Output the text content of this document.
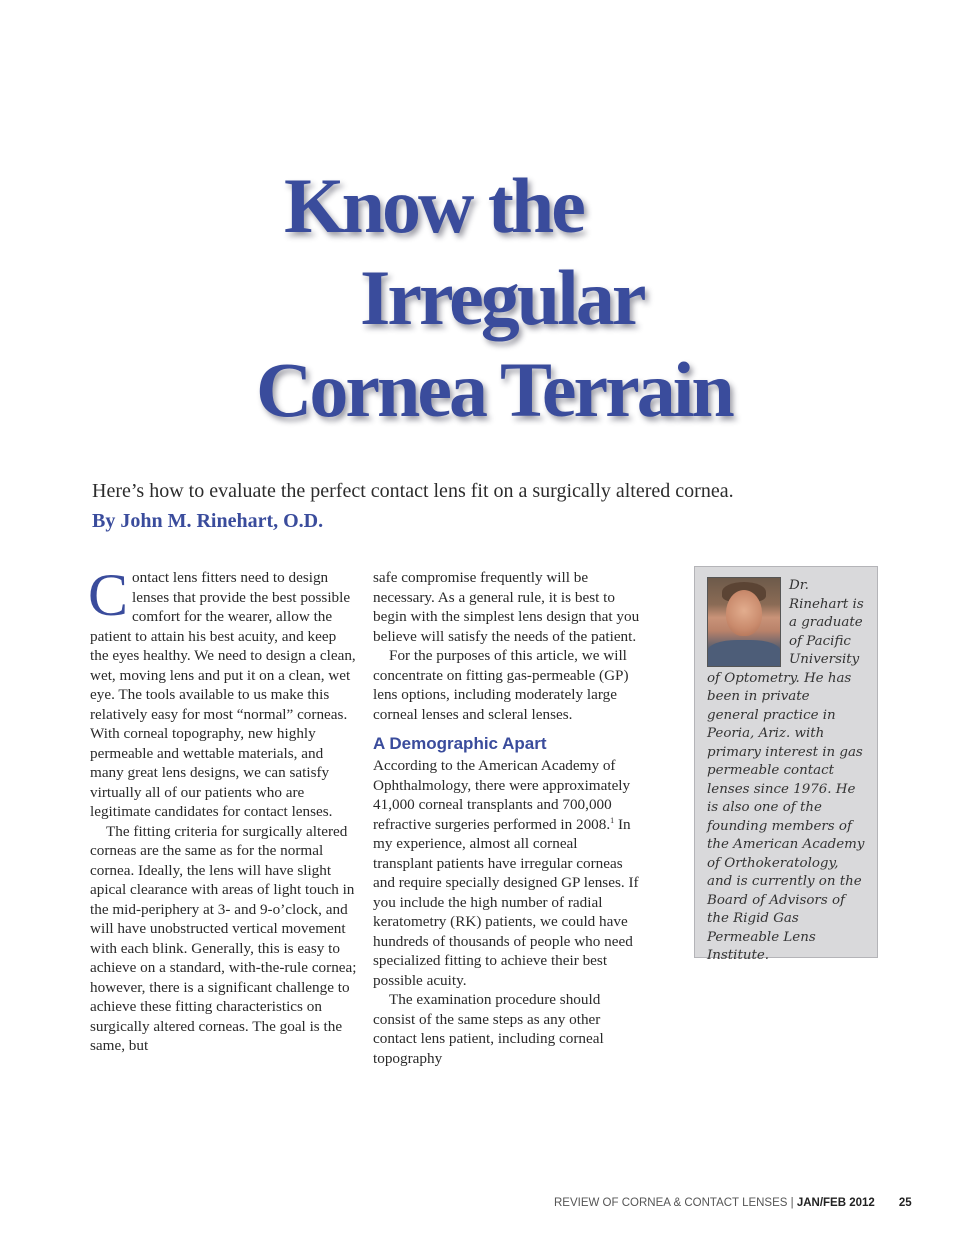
Know the
Irregular
Cornea Terrain
Here’s how to evaluate the perfect contact lens fit on a surgically altered cornea.
By John M. Rinehart, O.D.

Contact lens fitters need to design lenses that provide the best possible comfort for the wearer, allow the patient to attain his best acuity, and keep the eyes healthy. We need to design a clean, wet, moving lens and put it on a clean, wet eye. The tools available to us make this relatively easy for most “normal” corneas. With corneal topography, new highly permeable and wettable materials, and many great lens designs, we can satisfy virtually all of our patients who are legitimate candidates for contact lenses.

The fitting criteria for surgically altered corneas are the same as for the normal cornea. Ideally, the lens will have slight apical clearance with areas of light touch in the mid-periphery at 3- and 9-o’clock, and will have unobstructed vertical movement with each blink. Generally, this is easy to achieve on a standard, with-the-rule cornea; however, there is a significant challenge to achieve these fitting characteristics on surgically altered corneas. The goal is the same, but

safe compromise frequently will be necessary. As a general rule, it is best to begin with the simplest lens design that you believe will satisfy the needs of the patient.

For the purposes of this article, we will concentrate on fitting gas-permeable (GP) lens options, including moderately large corneal lenses and scleral lenses.

A Demographic Apart

According to the American Academy of Ophthalmology, there were approximately 41,000 corneal transplants and 700,000 refractive surgeries performed in 2008.$^1$ In my experience, almost all corneal transplant patients have irregular corneas and require specially designed GP lenses. If you include the high number of radial keratometry (RK) patients, we could have hundreds of thousands of people who need specialized fitting to achieve their best possible acuity.

The examination procedure should consist of the same steps as any other contact lens patient, including corneal topography

Dr. Rinehart is a graduate of Pacific University of Optometry. He has been in private general practice in Peoria, Ariz. with primary interest in gas permeable contact lenses since 1976. He is also one of the founding members of the American Academy of Orthokeratology, and is currently on the Board of Advisors of the Rigid Gas Permeable Lens Institute.
REVIEW OF CORNEA & CONTACT LENSES | JAN/FEB 2012 25
